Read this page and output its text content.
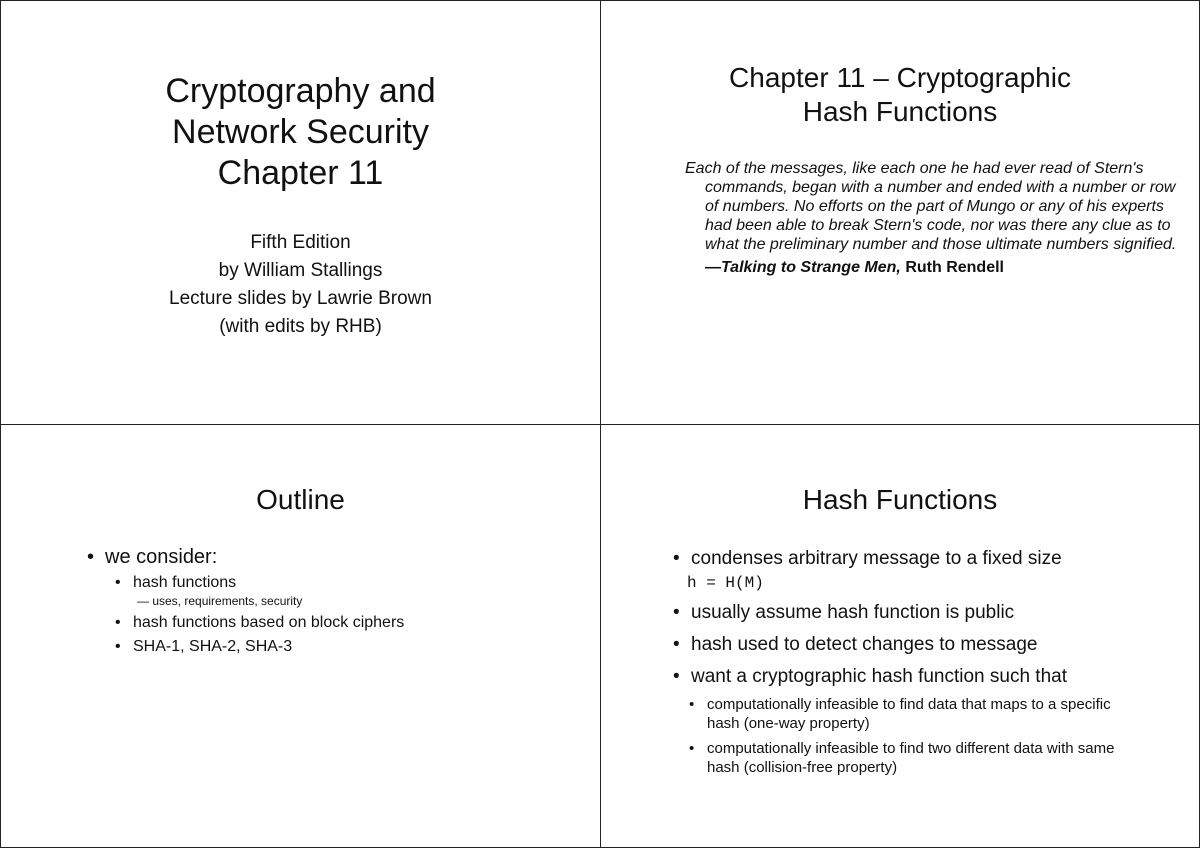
Cryptography and
Network Security
Chapter 11
Fifth Edition
by William Stallings
Lecture slides by Lawrie Brown
(with edits by RHB)
Chapter 11 – Cryptographic
Hash Functions

Each of the messages, like each one he had ever read of Stern's commands, began with a number and ended with a number or row of numbers. No efforts on the part of Mungo or any of his experts had been able to break Stern's code, nor was there any clue as to what the preliminary number and those ultimate numbers signified.

—Talking to Strange Men, Ruth Rendell

Outline
• we consider:
• hash functions
— uses, requirements, security
• hash functions based on block ciphers
• SHA-1, SHA-2, SHA-3
Hash Functions
• condenses arbitrary message to a fixed size
h = H(M)
• usually assume hash function is public
• hash used to detect changes to message
• want a cryptographic hash function such that
• computationally infeasible to find data that maps to a specific hash (one-way property)
• computationally infeasible to find two different data with same hash (collision-free property)
